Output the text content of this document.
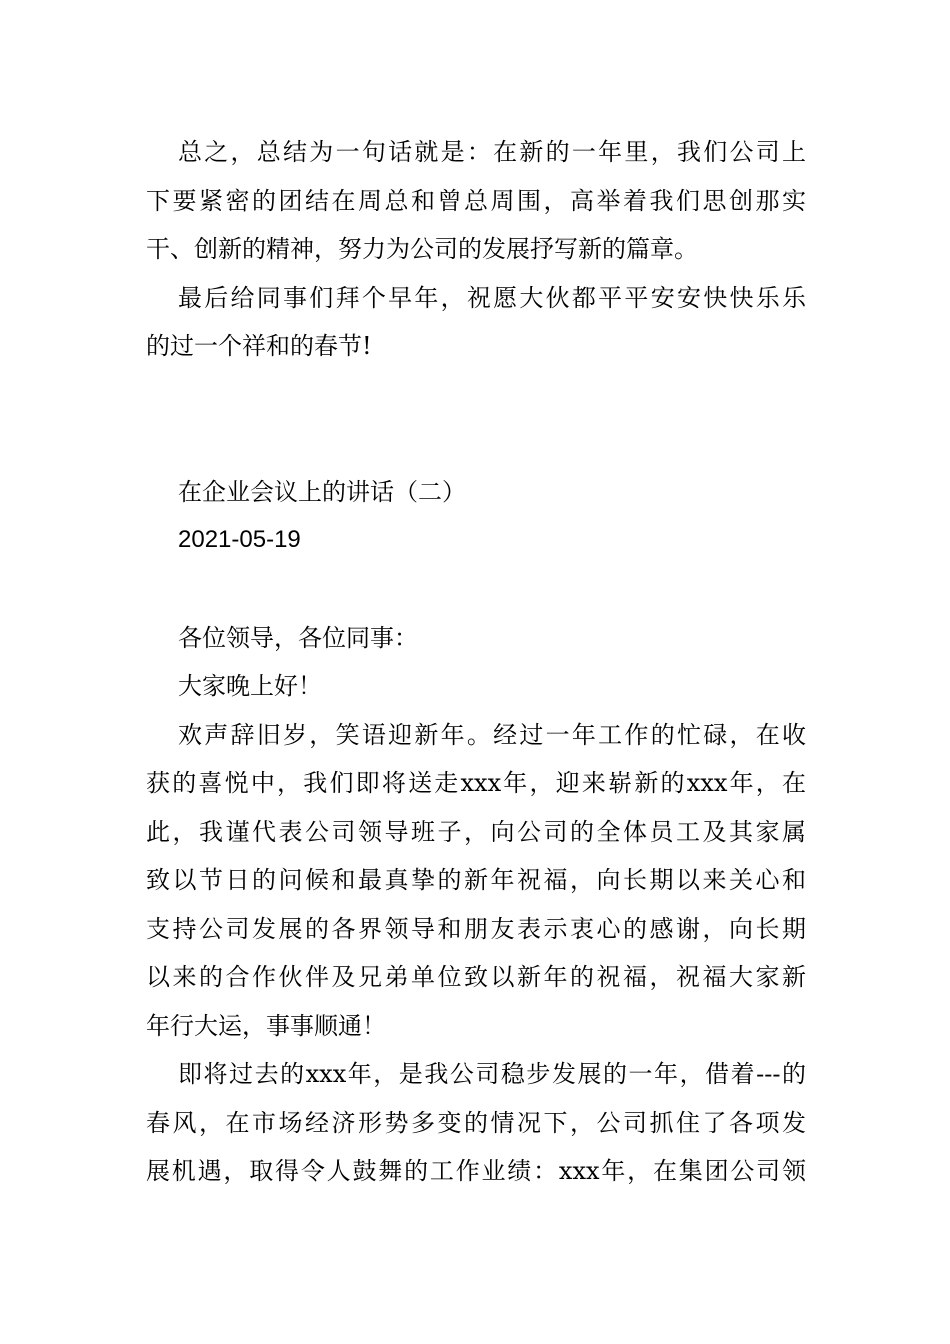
总之，总结为一句话就是：在新的一年里，我们公司上
下要紧密的团结在周总和曾总周围，高举着我们思创那实
干、创新的精神，努力为公司的发展抒写新的篇章。
最后给同事们拜个早年，祝愿大伙都平平安安快快乐乐
的过一个祥和的春节!

在企业会议上的讲话（二）

2021-05-19

各位领导，各位同事：

大家晚上好！

欢声辞旧岁，笑语迎新年。经过一年工作的忙碌，在收
获的喜悦中，我们即将送走xxx年，迎来崭新的xxx年，在
此，我谨代表公司领导班子，向公司的全体员工及其家属
致以节日的问候和最真挚的新年祝福，向长期以来关心和
支持公司发展的各界领导和朋友表示衷心的感谢，向长期
以来的合作伙伴及兄弟单位致以新年的祝福，祝福大家新
年行大运，事事顺通！
即将过去的xxx年，是我公司稳步发展的一年，借着---的
春风，在市场经济形势多变的情况下，公司抓住了各项发
展机遇，取得令人鼓舞的工作业绩：xxx年，在集团公司领
